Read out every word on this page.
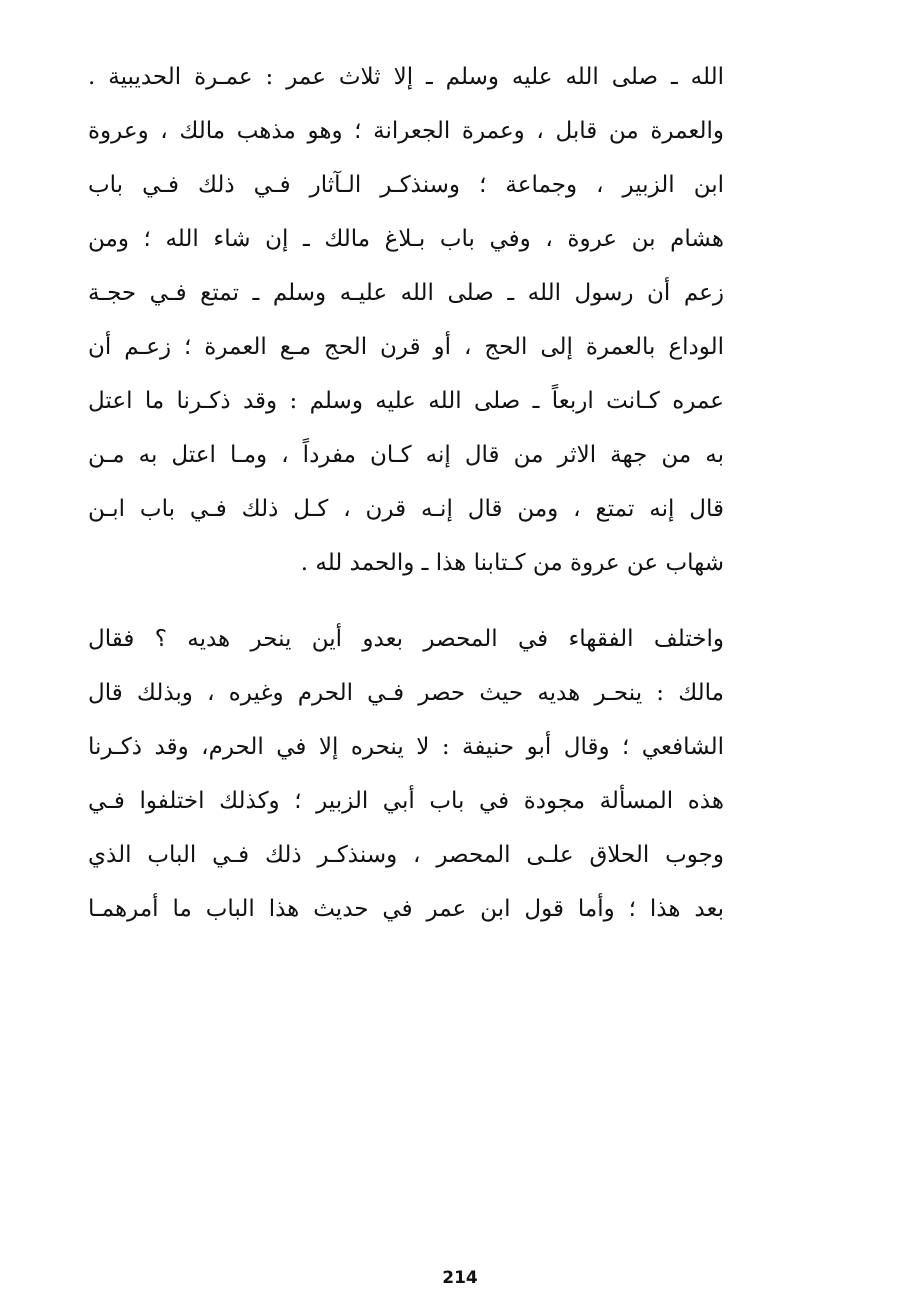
الله ـ صلى الله عليه وسلم ـ إلا ثلاث عمر : عمـرة الحديبية .
والعمرة من قابل ، وعمرة الجعرانة ؛ وهو مذهب مالك ، وعروة
ابن الزبير ، وجماعة ؛ وسنذكـر الـآثار فـي ذلك فـي باب
هشام بن عروة ، وفي باب بـلاغ مالك ـ إن شاء الله ؛ ومن
زعم أن رسول الله ـ صلى الله عليـه وسلم ـ تمتع فـي حجـة
الوداع بالعمرة إلى الحج ، أو قرن الحج مـع العمرة ؛ زعـم أن
عمره كـانت اربعاً ـ صلى الله عليه وسلم : وقد ذكـرنا ما اعتل
به من جهة الاثر من قال إنه كـان مفرداً ، ومـا اعتل به مـن
قال إنه تمتع ، ومن قال إنـه قرن ، كـل ذلك فـي باب ابـن
شهاب عن عروة من كـتابنا هذا ـ والحمد لله .
واختلف الفقهاء في المحصر بعدو أين ينحر هديه ؟ فقال
مالك : ينحـر هديه حيث حصر فـي الحرم وغيره ، وبذلك قال
الشافعي ؛ وقال أبو حنيفة : لا ينحره إلا في الحرم، وقد ذكـرنا
هذه المسألة مجودة في باب أبي الزبير ؛ وكذلك اختلفوا فـي
وجوب الحلاق علـى المحصر ، وسنذكـر ذلك فـي الباب الذي
بعد هذا ؛ وأما قول ابن عمر في حديث هذا الباب ما أمرهمـا
214
